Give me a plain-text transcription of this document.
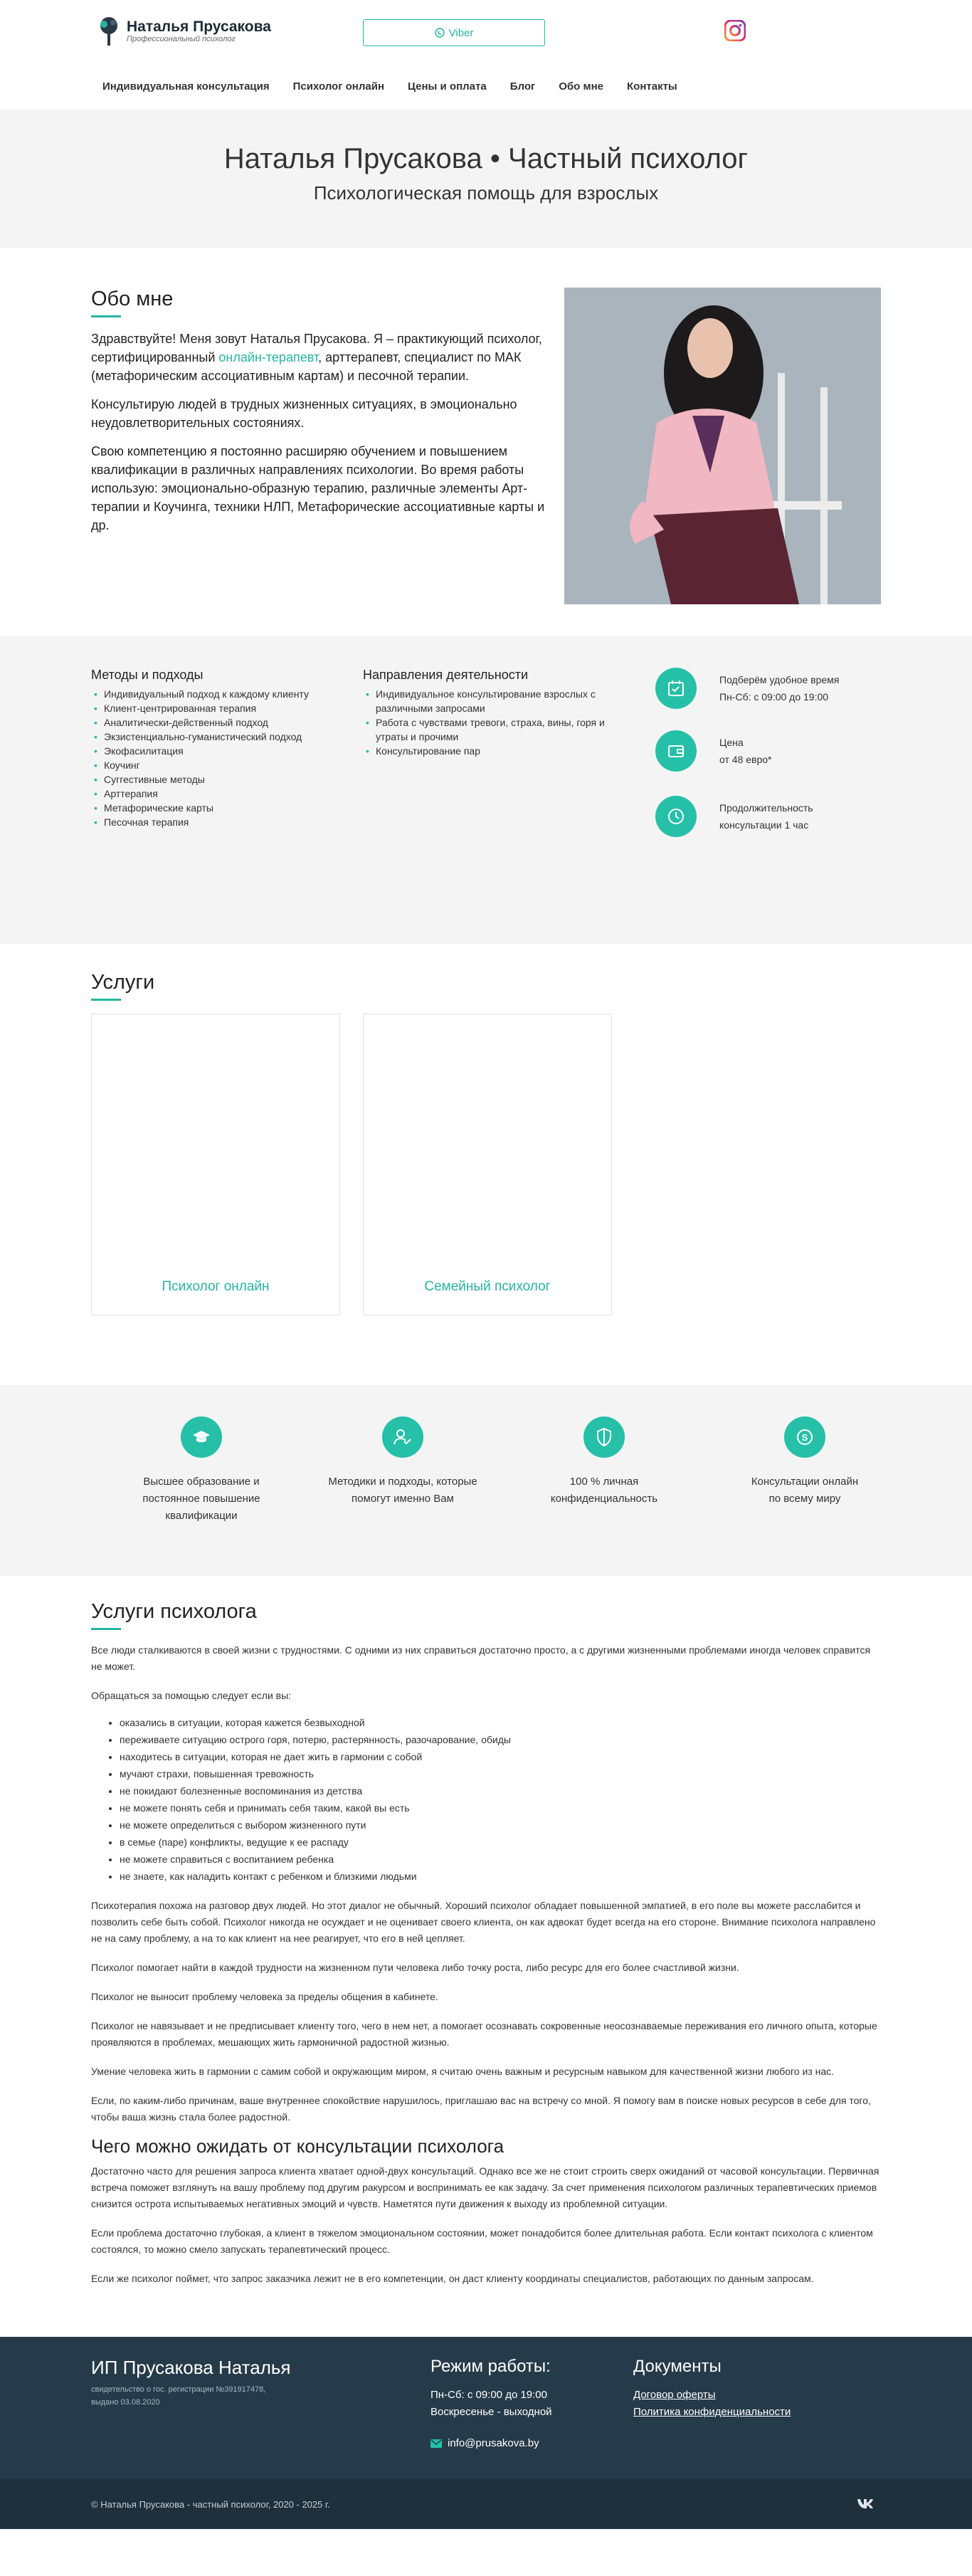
Наталья Прусакова
Профессиональный психолог
Viber
Индивидуальная консультация Психолог онлайн Цены и оплата Блог Обо мне Контакты
Наталья Прусакова • Частный психолог
Психологическая помощь для взрослых
Обо мне

Здравствуйте! Меня зовут Наталья Прусакова. Я – практикующий психолог, сертифицированный онлайн-терапевт, арттерапевт, специалист по МАК (метафорическим ассоциативным картам) и песочной терапии.

Консультирую людей в трудных жизненных ситуациях, в эмоционально неудовлетворительных состояниях.

Свою компетенцию я постоянно расширяю обучением и повышением квалификации в различных направлениях психологии. Во время работы использую: эмоционально-образную терапию, различные элементы Арт-терапии и Коучинга, техники НЛП, Метафорические ассоциативные карты и др.

Методы и подходы
• Индивидуальный подход к каждому клиенту
• Клиент-центрированная терапия
• Аналитически-действенный подход
• Экзистенциально-гуманистический подход
• Экофасилитация
• Коучинг
• Суггестивные методы
• Арттерапия
• Метафорические карты
• Песочная терапия
Направления деятельности
• Индивидуальное консультирование взрослых с различными запросами
• Работа с чувствами тревоги, страха, вины, горя и утраты и прочими
• Консультирование пар
Подберём удобное время
Пн-Сб: с 09:00 до 19:00
Цена
от 48 евро*
Продолжительность
консультации 1 час
Услуги
Психолог онлайн	Семейный психолог

Высшее образование и
постоянное повышение
квалификации

Методики и подходы, которые
помогут именно Вам

100 % личная
конфиденциальность

S

Консультации онлайн
по всему миру

Услуги психолога

Все люди сталкиваются в своей жизни с трудностями. С одними из них справиться достаточно просто, а с другими жизненными проблемами иногда человек справится не может.

Обращаться за помощью следует если вы:

• оказались в ситуации, которая кажется безвыходной
• переживаете ситуацию острого горя, потерю, растерянность, разочарование, обиды
• находитесь в ситуации, которая не дает жить в гармонии с собой
• мучают страхи, повышенная тревожность
• не покидают болезненные воспоминания из детства
• не можете понять себя и принимать себя таким, какой вы есть
• не можете определиться с выбором жизненного пути
• в семье (паре) конфликты, ведущие к ее распаду
• не можете справиться с воспитанием ребенка
• не знаете, как наладить контакт с ребенком и близкими людьми

Психотерапия похожа на разговор двух людей. Но этот диалог не обычный. Хороший психолог обладает повышенной эмпатией, в его поле вы можете расслабится и позволить себе быть собой. Психолог никогда не осуждает и не оценивает своего клиента, он как адвокат будет всегда на его стороне. Внимание психолога направлено не на саму проблему, а на то как клиент на нее реагирует, что его в ней цепляет.

Психолог помогает найти в каждой трудности на жизненном пути человека либо точку роста, либо ресурс для его более счастливой жизни.

Психолог не выносит проблему человека за пределы общения в кабинете.

Психолог не навязывает и не предписывает клиенту того, чего в нем нет, а помогает осознавать сокровенные неосознаваемые переживания его личного опыта, которые проявляются в проблемах, мешающих жить гармоничной радостной жизнью.

Умение человека жить в гармонии с самим собой и окружающим миром, я считаю очень важным и ресурсным навыком для качественной жизни любого из нас.

Если, по каким-либо причинам, ваше внутреннее спокойствие нарушилось, приглашаю вас на встречу со мной. Я помогу вам в поиске новых ресурсов в себе для того, чтобы ваша жизнь стала более радостной.

Чего можно ожидать от консультации психолога

Достаточно часто для решения запроса клиента хватает одной-двух консультаций. Однако все же не стоит строить сверх ожиданий от часовой консультации. Первичная встреча поможет взглянуть на вашу проблему под другим ракурсом и воспринимать ее как задачу. За счет применения психологом различных терапевтических приемов снизится острота испытываемых негативных эмоций и чувств. Наметятся пути движения к выходу из проблемной ситуации.

Если проблема достаточно глубокая, а клиент в тяжелом эмоциональном состоянии, может понадобится более длительная работа. Если контакт психолога с клиентом состоялся, то можно смело запускать терапевтический процесс.

Если же психолог поймет, что запрос заказчика лежит не в его компетенции, он даст клиенту координаты специалистов, работающих по данным запросам.

ИП Прусакова Наталья
свидетельство о гос. регистрации №391917478,
выдано 03.08.2020
Режим работы:
Пн-Сб: с 09:00 до 19:00
Воскресенье - выходной
info@prusakova.by
Документы
Договор оферты
Политика конфиденциальности
© Наталья Прусакова - частный психолог, 2020 - 2025 г.
